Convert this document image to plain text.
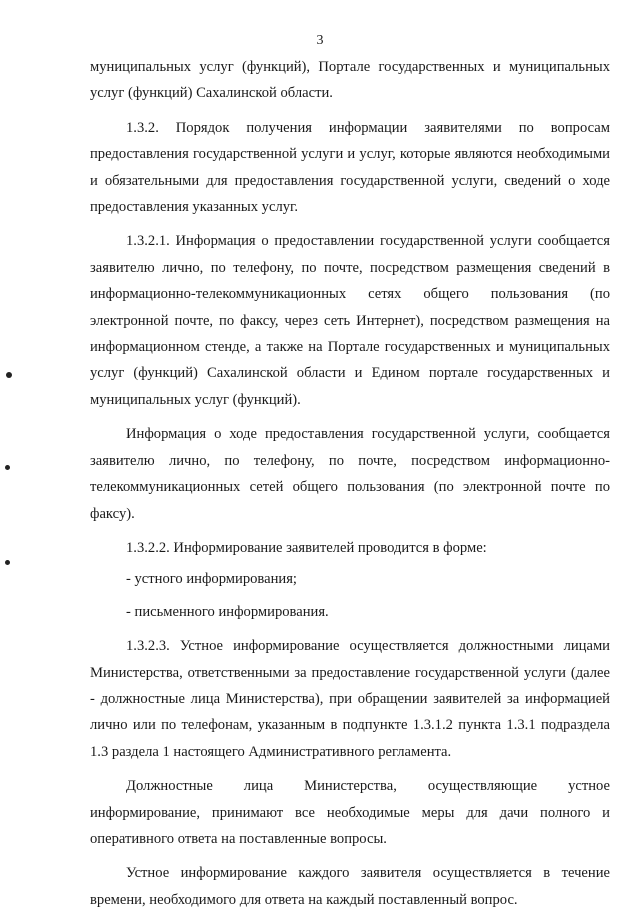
3

муниципальных услуг (функций), Портале государственных и муниципальных услуг (функций) Сахалинской области.

1.3.2. Порядок получения информации заявителями по вопросам предоставления государственной услуги и услуг, которые являются необходимыми и обязательными для предоставления государственной услуги, сведений о ходе предоставления указанных услуг.

1.3.2.1. Информация о предоставлении государственной услуги сообщается заявителю лично, по телефону, по почте, посредством размещения сведений в информационно-телекоммуникационных сетях общего пользования (по электронной почте, по факсу, через сеть Интернет), посредством размещения на информационном стенде, а также на Портале государственных и муниципальных услуг (функций) Сахалинской области и Едином портале государственных и муниципальных услуг (функций).

Информация о ходе предоставления государственной услуги, сообщается заявителю лично, по телефону, по почте, посредством информационно-телекоммуникационных сетей общего пользования (по электронной почте по факсу).

1.3.2.2. Информирование заявителей проводится в форме:

- устного информирования;

- письменного информирования.

1.3.2.3. Устное информирование осуществляется должностными лицами Министерства, ответственными за предоставление государственной услуги (далее - должностные лица Министерства), при обращении заявителей за информацией лично или по телефонам, указанным в подпункте 1.3.1.2 пункта 1.3.1 подраздела 1.3 раздела 1 настоящего Административного регламента.

Должностные лица Министерства, осуществляющие устное информирование, принимают все необходимые меры для дачи полного и оперативного ответа на поставленные вопросы.

Устное информирование каждого заявителя осуществляется в течение времени, необходимого для ответа на каждый поставленный вопрос.
